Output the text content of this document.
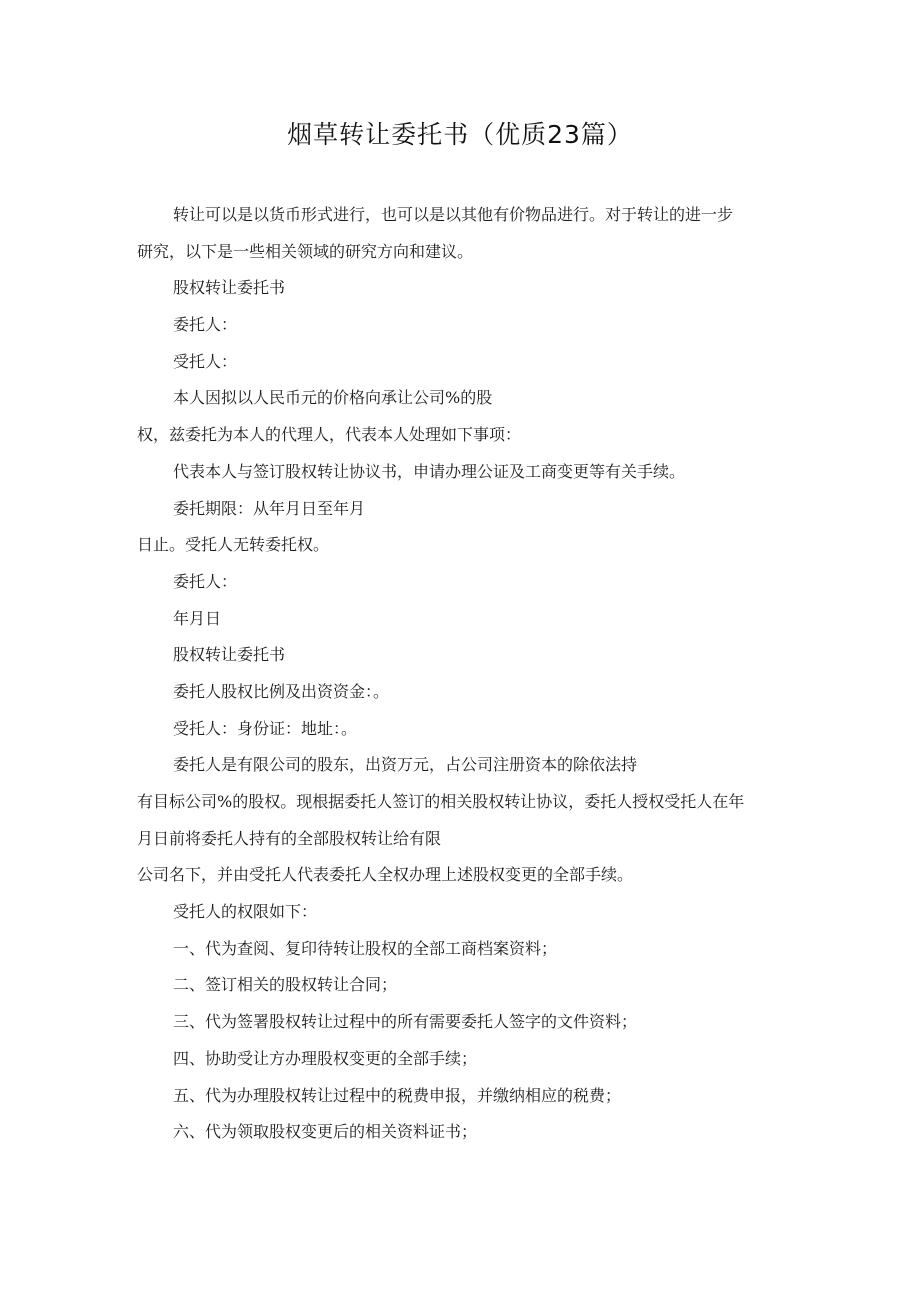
烟草转让委托书（优质23篇）
转让可以是以货币形式进行，也可以是以其他有价物品进行。对于转让的进一步
研究，以下是一些相关领域的研究方向和建议。
股权转让委托书
委托人：
受托人：
本人因拟以人民币元的价格向承让公司%的股
权，兹委托为本人的代理人，代表本人处理如下事项：
代表本人与签订股权转让协议书，申请办理公证及工商变更等有关手续。
委托期限：从年月日至年月
日止。受托人无转委托权。
委托人：
年月日
股权转让委托书
委托人股权比例及出资资金：。
受托人：身份证：地址：。
委托人是有限公司的股东，出资万元，占公司注册资本的除依法持
有目标公司%的股权。现根据委托人签订的相关股权转让协议，委托人授权受托人在年
月日前将委托人持有的全部股权转让给有限
公司名下，并由受托人代表委托人全权办理上述股权变更的全部手续。
受托人的权限如下：
一、代为查阅、复印待转让股权的全部工商档案资料；
二、签订相关的股权转让合同；
三、代为签署股权转让过程中的所有需要委托人签字的文件资料；
四、协助受让方办理股权变更的全部手续；
五、代为办理股权转让过程中的税费申报，并缴纳相应的税费；
六、代为领取股权变更后的相关资料证书；
